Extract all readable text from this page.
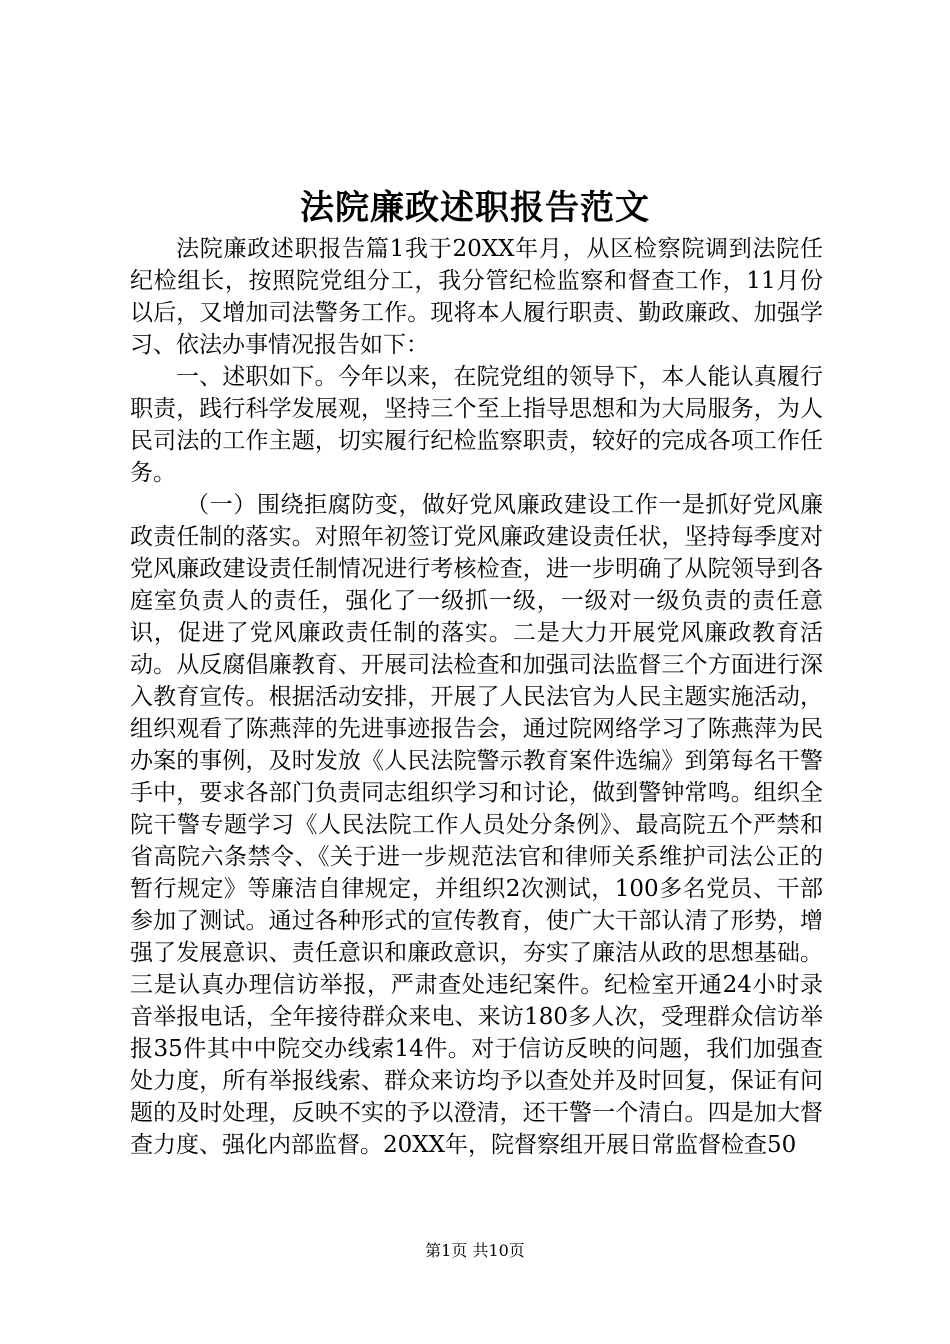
法院廉政述职报告范文

法院廉政述职报告篇1我于20XX年月，从区检察院调到法院任纪检组长，按照院党组分工，我分管纪检监察和督查工作，11月份以后，又增加司法警务工作。现将本人履行职责、勤政廉政、加强学习、依法办事情况报告如下：

一、述职如下。今年以来，在院党组的领导下，本人能认真履行职责，践行科学发展观，坚持三个至上指导思想和为大局服务，为人民司法的工作主题，切实履行纪检监察职责，较好的完成各项工作任务。

（一）围绕拒腐防变，做好党风廉政建设工作一是抓好党风廉政责任制的落实。对照年初签订党风廉政建设责任状，坚持每季度对党风廉政建设责任制情况进行考核检查，进一步明确了从院领导到各庭室负责人的责任，强化了一级抓一级，一级对一级负责的责任意识，促进了党风廉政责任制的落实。二是大力开展党风廉政教育活动。从反腐倡廉教育、开展司法检查和加强司法监督三个方面进行深入教育宣传。根据活动安排，开展了人民法官为人民主题实施活动，组织观看了陈燕萍的先进事迹报告会，通过院网络学习了陈燕萍为民办案的事例，及时发放《人民法院警示教育案件选编》到第每名干警手中，要求各部门负责同志组织学习和讨论，做到警钟常鸣。组织全院干警专题学习《人民法院工作人员处分条例》、最高院五个严禁和省高院六条禁令、《关于进一步规范法官和律师关系维护司法公正的暂行规定》等廉洁自律规定，并组织2次测试，100多名党员、干部参加了测试。通过各种形式的宣传教育，使广大干部认清了形势，增强了发展意识、责任意识和廉政意识，夯实了廉洁从政的思想基础。三是认真办理信访举报，严肃查处违纪案件。纪检室开通24小时录音举报电话，全年接待群众来电、来访180多人次，受理群众信访举报35件其中中院交办线索14件。对于信访反映的问题，我们加强查处力度，所有举报线索、群众来访均予以查处并及时回复，保证有问题的及时处理，反映不实的予以澄清，还干警一个清白。四是加大督查力度、强化内部监督。20XX年，院督察组开展日常监督检查50

第1页 共10页
